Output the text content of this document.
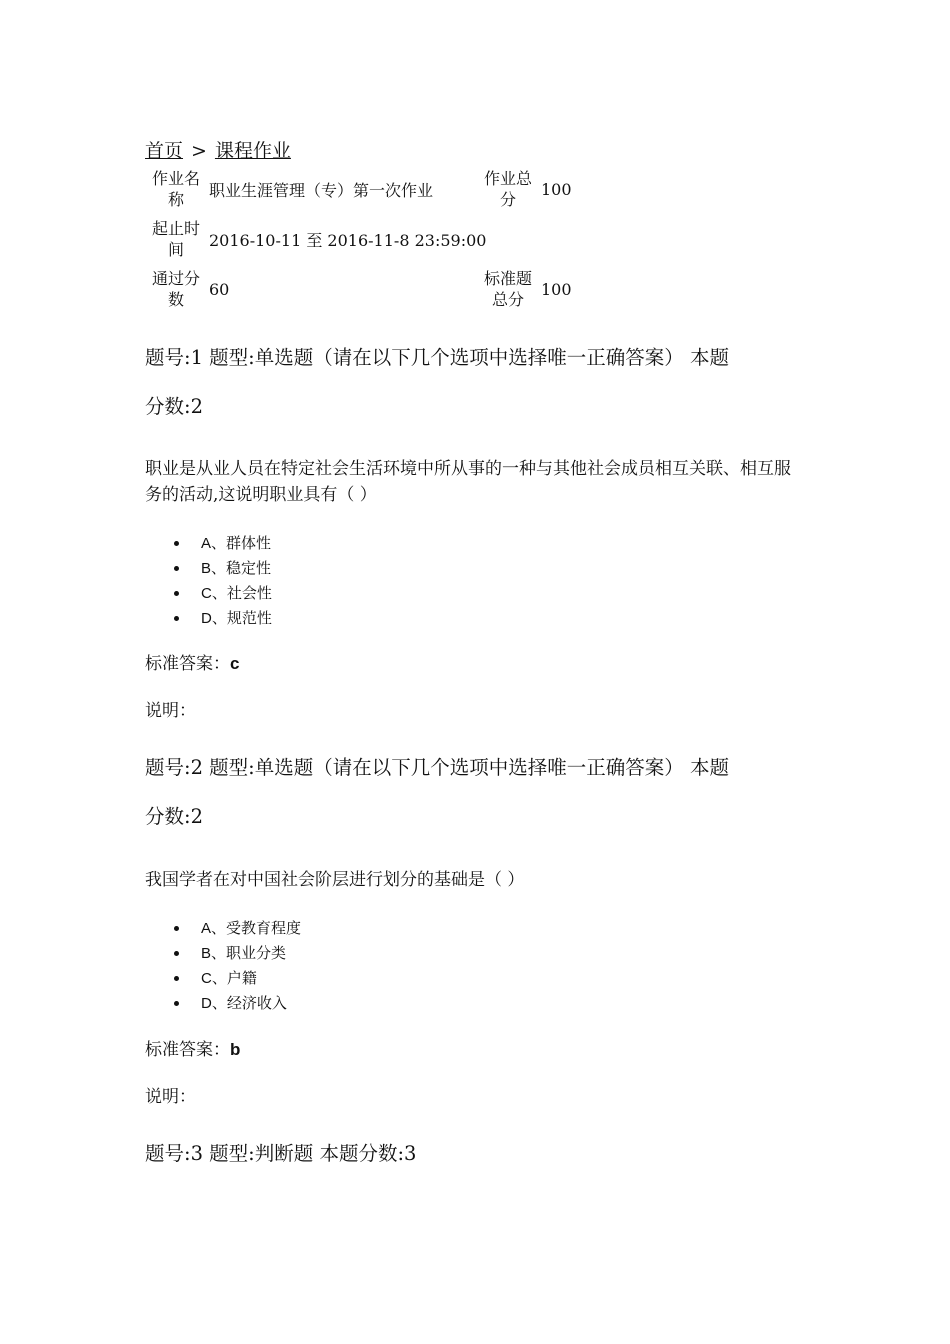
首页 > 课程作业
作业名称	职业生涯管理（专）第一次作业	作业总分	100
起止时间	2016-10-11 至 2016-11-8 23:59:00		
通过分数	60	标准题总分	100
题号:1 题型:单选题（请在以下几个选项中选择唯一正确答案） 本题
分数:2
职业是从业人员在特定社会生活环境中所从事的一种与其他社会成员相互关联、相互服务的活动,这说明职业具有（ ）
A、群体性
B、稳定性
C、社会性
D、规范性
标准答案：c
说明：
题号:2 题型:单选题（请在以下几个选项中选择唯一正确答案） 本题
分数:2
我国学者在对中国社会阶层进行划分的基础是（ ）
A、受教育程度
B、职业分类
C、户籍
D、经济收入
标准答案：b
说明：
题号:3 题型:判断题 本题分数:3
